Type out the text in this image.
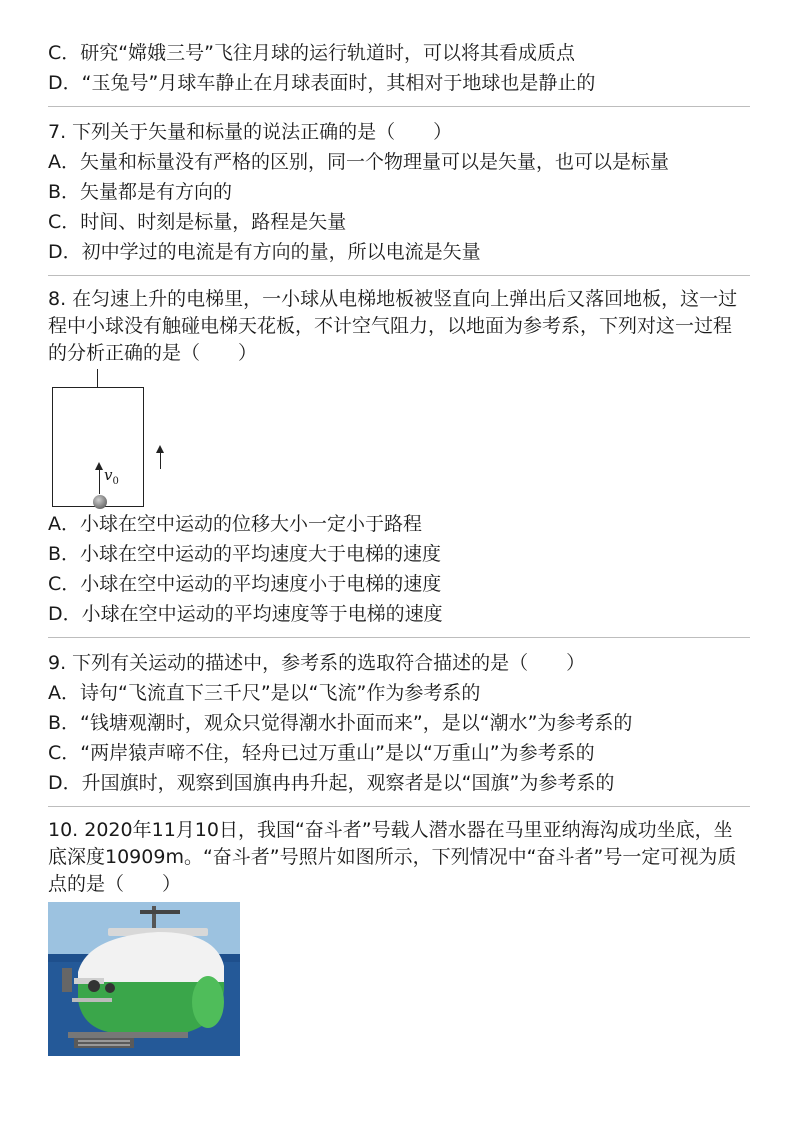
C．研究“嫦娥三号”飞往月球的运行轨道时，可以将其看成质点
D．“玉兔号”月球车静止在月球表面时，其相对于地球也是静止的
7. 下列关于矢量和标量的说法正确的是（　　）
A．矢量和标量没有严格的区别，同一个物理量可以是矢量，也可以是标量
B．矢量都是有方向的
C．时间、时刻是标量，路程是矢量
D．初中学过的电流是有方向的量，所以电流是矢量
8. 在匀速上升的电梯里，一小球从电梯地板被竖直向上弹出后又落回地板，这一过程中小球没有触碰电梯天花板，不计空气阻力，以地面为参考系，下列对这一过程的分析正确的是（　　）
$v_0$
A．小球在空中运动的位移大小一定小于路程
B．小球在空中运动的平均速度大于电梯的速度
C．小球在空中运动的平均速度小于电梯的速度
D．小球在空中运动的平均速度等于电梯的速度
9. 下列有关运动的描述中，参考系的选取符合描述的是（　　）
A．诗句“飞流直下三千尺”是以“飞流”作为参考系的
B．“钱塘观潮时，观众只觉得潮水扑面而来”，是以“潮水”为参考系的
C．“两岸猿声啼不住，轻舟已过万重山”是以“万重山”为参考系的
D．升国旗时，观察到国旗冉冉升起，观察者是以“国旗”为参考系的
10. 2020年11月10日，我国“奋斗者”号载人潜水器在马里亚纳海沟成功坐底，坐底深度10909m。“奋斗者”号照片如图所示，下列情况中“奋斗者”号一定可视为质点的是（　　）
